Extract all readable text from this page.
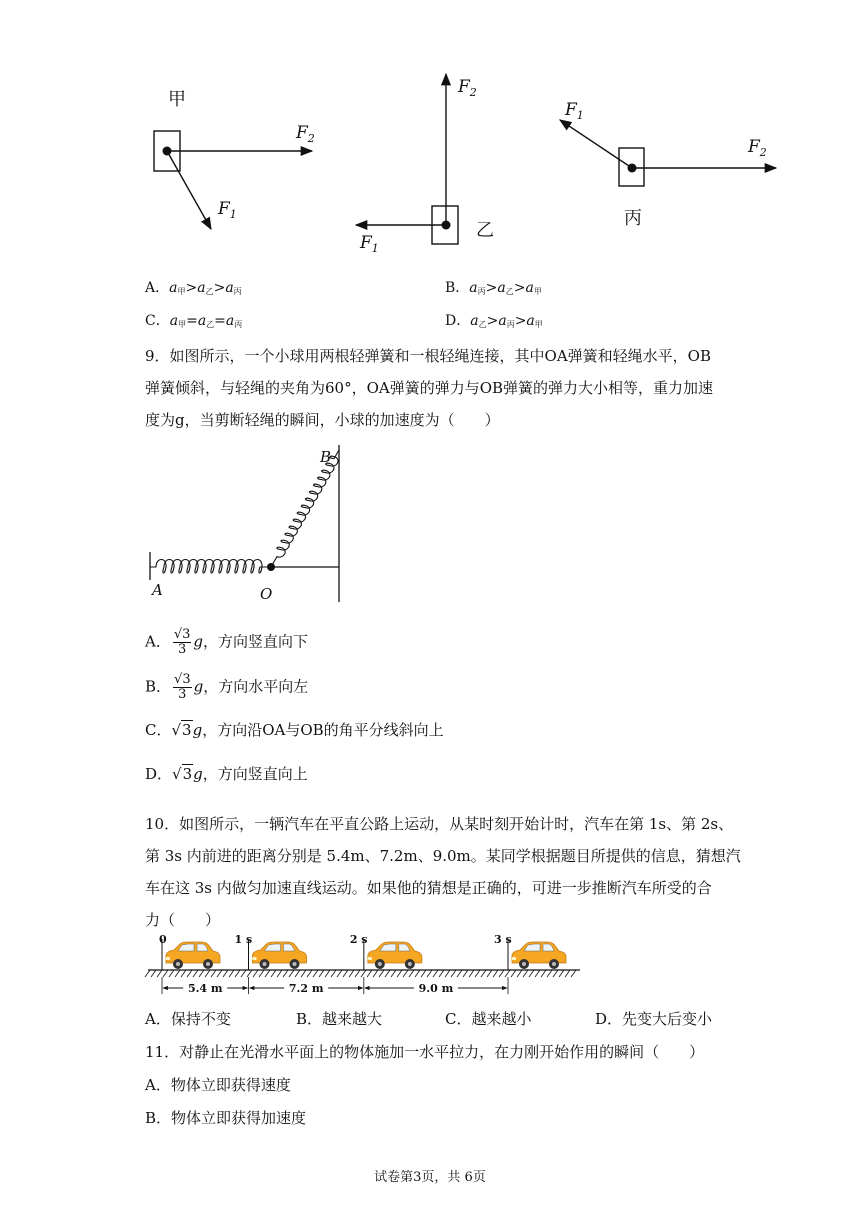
甲
$F_2$
$F_1$
$F_2$
$F_1$
乙
$F_1$
$F_2$
丙
A．$a_甲>a_乙>a_丙$	B．$a_丙>a_乙>a_甲$
C．$a_甲=a_乙=a_丙$	D．$a_乙>a_丙>a_甲$
9．如图所示，一个小球用两根轻弹簧和一根轻绳连接，其中OA弹簧和轻绳水平，OB
弹簧倾斜，与轻绳的夹角为60°，OA弹簧的弹力与OB弹簧的弹力大小相等，重力加速
度为g，当剪断轻绳的瞬间，小球的加速度为（　　）
A	O
B
A． $\frac{√3}{3}$ g，方向竖直向下
B． $\frac{√3}{3}$ g，方向水平向左
C．√3g，方向沿OA与OB的角平分线斜向上
D．√3g，方向竖直向上
10．如图所示，一辆汽车在平直公路上运动，从某时刻开始计时，汽车在第 1s、第 2s、
第 3s 内前进的距离分别是 5.4m、7.2m、9.0m。某同学根据题目所提供的信息，猜想汽
车在这 3s 内做匀加速直线运动。如果他的猜想是正确的，可进一步推断汽车所受的合
力（　　）
0	1 s	2 s	3 s
5.4 m	7.2 m	9.0 m
A．保持不变	B．越来越大	C．越来越小	D．先变大后变小
11．对静止在光滑水平面上的物体施加一水平拉力，在力刚开始作用的瞬间（　　）
A．物体立即获得速度
B．物体立即获得加速度
试卷第3页，共 6页
